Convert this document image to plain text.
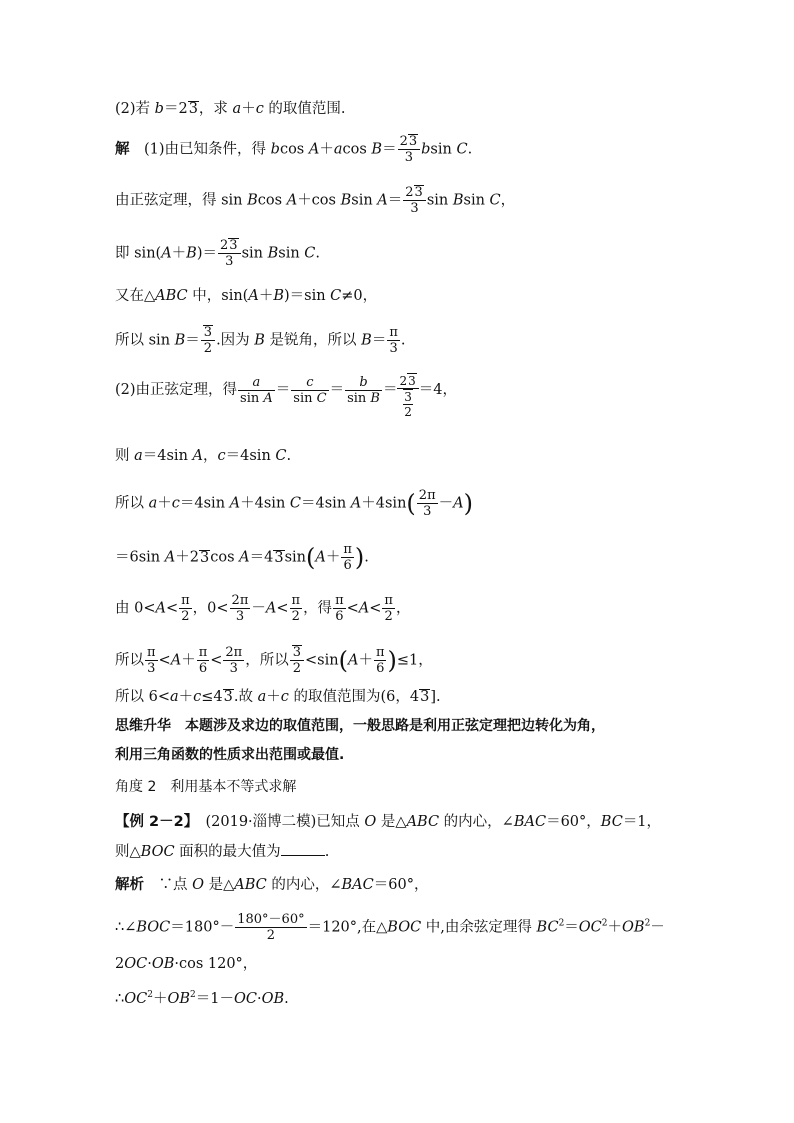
(2)若 b＝23，求 a＋c 的取值范围.
解　 (1)由已知条件，得 bcos A＋acos $B= \frac{23}{3}$ bsin C.
由正弦定理，得 sin Bcos A＋cos Bsin $A= \frac{23}{3}$ sin Bsin C，
即 $\sin(A+B)= \frac{23}{3}$ sin Bsin C.
又在△ABC 中，sin(A＋B)＝sin C≠0，
所以 $\sin B= \frac{3}{2}$ .因为 B 是锐角，所以 $B= \frac{\pi}{3}$ .
(2)由正弦定理，得 $\frac{a}{\text{sin A}} = \frac{c}{\text{sin C}} = \frac{b}{\text{sin B}} = \frac{23}{\frac{3}{2}} =4$，
则 a＝4sin A，c＝4sin C.
所以 a＋c＝4sin A＋4sin C＝4sin $A+4\sin( \frac{2\pi}{3} -A)$
＝6sin A＋23cos $A=43\sin(A+ \frac{\pi}{6}$ ).
由 $0<A< \frac{\pi}{2}$ ，$0< \frac{2\pi}{3} -A< \frac{\pi}{2}$ ，得 $\frac{\pi}{6} <A< \frac{\pi}{2}$ ，
所以 $\frac{\pi}{3} <A+ \frac{\pi}{6} < \frac{2\pi}{3}$ ，所以 $\frac{3}{2} <\sin(A+ \frac{\pi}{6} )\le 1$，
所以 6<a＋c≤43.故 a＋c 的取值范围为(6，43].
思维升华　 本题涉及求边的取值范围，一般思路是利用正弦定理把边转化为角，
利用三角函数的性质求出范围或最值.
角度 2　利用基本不等式求解
【例 2－2】　 (2019·淄博二模)已知点 O 是△ABC 的内心，∠BAC＝60°，BC＝1，
则△BOC 面积的最大值为	.
解析　 ∵点 O 是△ABC 的内心，∠BAC＝60°，
∴∠BOC＝180°－ $\frac{180^\circ-60^\circ}{2} =120^\circ$,在△BOC 中,由余弦定理得 $BC^2=OC^2+OB^2-$
2OC·OB·cos 120°，
$\therefore OC^2+OB^2=1-OC\cdot OB$.
